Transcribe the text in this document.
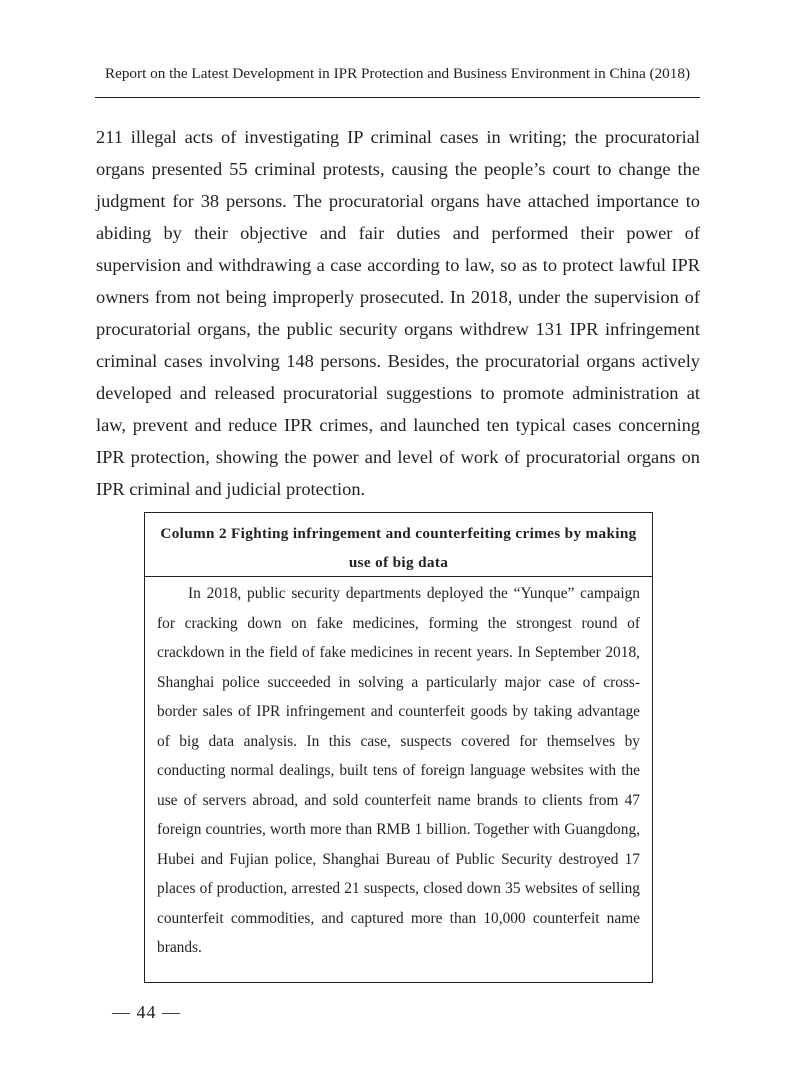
Report on the Latest Development in IPR Protection and Business Environment in China (2018)

211 illegal acts of investigating IP criminal cases in writing; the procuratorial organs presented 55 criminal protests, causing the people’s court to change the judgment for 38 persons. The procuratorial organs have attached importance to abiding by their objective and fair duties and performed their power of supervision and withdrawing a case according to law, so as to protect lawful IPR owners from not being improperly prosecuted. In 2018, under the supervision of procuratorial organs, the public security organs withdrew 131 IPR infringement criminal cases involving 148 persons. Besides, the procuratorial organs actively developed and released procuratorial suggestions to promote administration at law, prevent and reduce IPR crimes, and launched ten typical cases concerning IPR protection, showing the power and level of work of procuratorial organs on IPR criminal and judicial protection.

Column 2 Fighting infringement and counterfeiting crimes by making use of big data

In 2018, public security departments deployed the “Yunque” campaign for cracking down on fake medicines, forming the strongest round of crackdown in the field of fake medicines in recent years. In September 2018, Shanghai police succeeded in solving a particularly major case of cross-border sales of IPR infringement and counterfeit goods by taking advantage of big data analysis. In this case, suspects covered for themselves by conducting normal dealings, built tens of foreign language websites with the use of servers abroad, and sold counterfeit name brands to clients from 47 foreign countries, worth more than RMB 1 billion. Together with Guangdong, Hubei and Fujian police, Shanghai Bureau of Public Security destroyed 17 places of production, arrested 21 suspects, closed down 35 websites of selling counterfeit commodities, and captured more than 10,000 counterfeit name brands.

— 44 —
